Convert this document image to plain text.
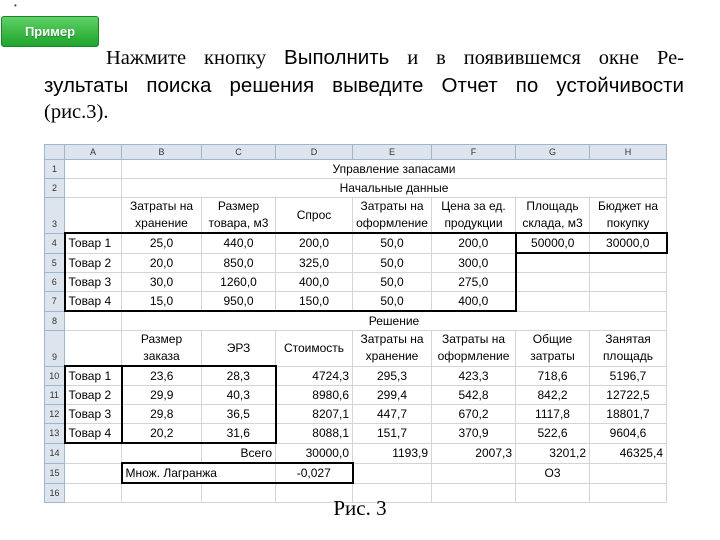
•
Пример

Нажмите кнопку Выполнить и в появившемся окне Ре-
зультаты поиска решения выведите Отчет по устойчивости
(рис.3).

	A	B	C	D	E	F	G	H
1		Управление запасами						
2		Начальные данные						
3		Затраты на хранение	Размер товара, м3	Спрос	Затраты на оформление	Цена за ед. продукции	Площадь склада, м3	Бюджет на покупку
4	Товар 1	25,0	440,0	200,0	50,0	200,0	50000,0	30000,0
5	Товар 2	20,0	850,0	325,0	50,0	300,0		
6	Товар 3	30,0	1260,0	400,0	50,0	275,0		
7	Товар 4	15,0	950,0	150,0	50,0	400,0		
8		Решение						
9		Размер заказа	ЭРЗ	Стоимость	Затраты на хранение	Затраты на оформление	Общие затраты	Занятая площадь
10	Товар 1	23,6	28,3	4724,3	295,3	423,3	718,6	5196,7
11	Товар 2	29,9	40,3	8980,6	299,4	542,8	842,2	12722,5
12	Товар 3	29,8	36,5	8207,1	447,7	670,2	1117,8	18801,7
13	Товар 4	20,2	31,6	8088,1	151,7	370,9	522,6	9604,6
14			Всего	30000,0	1193,9	2007,3	3201,2	46325,4
15		Множ. Лагранжа		-0,027			O3	
16								
Рис. 3
